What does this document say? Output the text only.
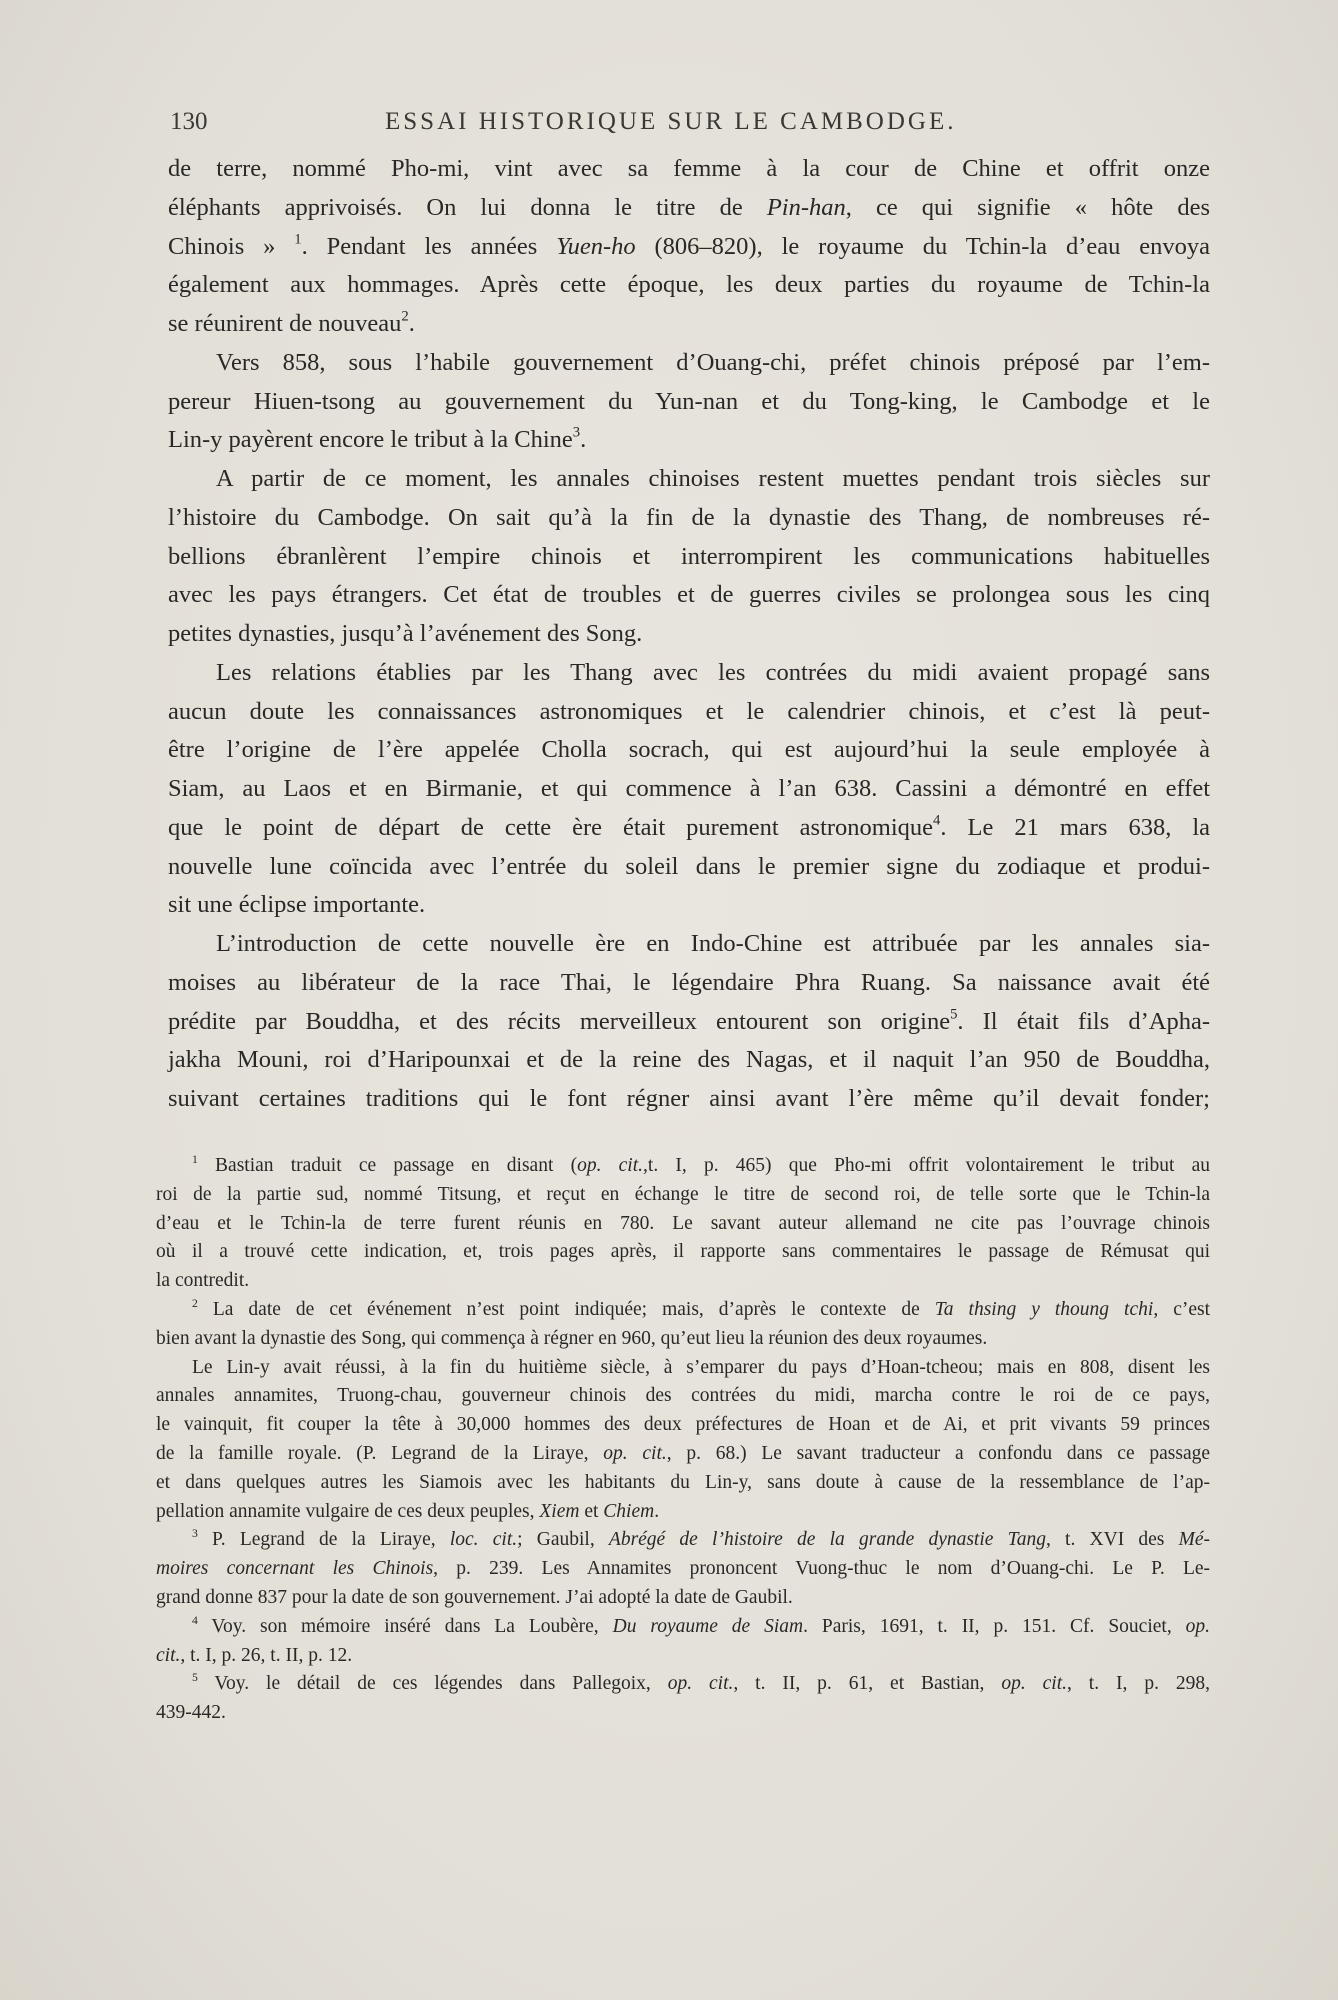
130	ESSAI HISTORIQUE SUR LE CAMBODGE.
de terre, nommé Pho-mi, vint avec sa femme à la cour de Chine et offrit onze
éléphants apprivoisés. On lui donna le titre de Pin-han, ce qui signifie « hôte des
Chinois » $^1$. Pendant les années Yuen-ho (806–820), le royaume du Tchin-la d’eau envoya
également aux hommages. Après cette époque, les deux parties du royaume de Tchin-la
se réunirent de nouveau$^2$.
Vers 858, sous l’habile gouvernement d’Ouang-chi, préfet chinois préposé par l’em-
pereur Hiuen-tsong au gouvernement du Yun-nan et du Tong-king, le Cambodge et le
Lin-y payèrent encore le tribut à la Chine$^3$.
A partir de ce moment, les annales chinoises restent muettes pendant trois siècles sur
l’histoire du Cambodge. On sait qu’à la fin de la dynastie des Thang, de nombreuses ré-
bellions ébranlèrent l’empire chinois et interrompirent les communications habituelles
avec les pays étrangers. Cet état de troubles et de guerres civiles se prolongea sous les cinq
petites dynasties, jusqu’à l’avénement des Song.
Les relations établies par les Thang avec les contrées du midi avaient propagé sans
aucun doute les connaissances astronomiques et le calendrier chinois, et c’est là peut-
être l’origine de l’ère appelée Cholla socrach, qui est aujourd’hui la seule employée à
Siam, au Laos et en Birmanie, et qui commence à l’an 638. Cassini a démontré en effet
que le point de départ de cette ère était purement astronomique$^4$. Le 21 mars 638, la
nouvelle lune coïncida avec l’entrée du soleil dans le premier signe du zodiaque et produi-
sit une éclipse importante.
L’introduction de cette nouvelle ère en Indo-Chine est attribuée par les annales sia-
moises au libérateur de la race Thai, le légendaire Phra Ruang. Sa naissance avait été
prédite par Bouddha, et des récits merveilleux entourent son origine$^5$. Il était fils d’Apha-
jakha Mouni, roi d’Haripounxai et de la reine des Nagas, et il naquit l’an 950 de Bouddha,
suivant certaines traditions qui le font régner ainsi avant l’ère même qu’il devait fonder;
$^1$ Bastian traduit ce passage en disant (op. cit.,t. I, p. 465) que Pho-mi offrit volontairement le tribut au
roi de la partie sud, nommé Titsung, et reçut en échange le titre de second roi, de telle sorte que le Tchin-la
d’eau et le Tchin-la de terre furent réunis en 780. Le savant auteur allemand ne cite pas l’ouvrage chinois
où il a trouvé cette indication, et, trois pages après, il rapporte sans commentaires le passage de Rémusat qui
la contredit.
$^2$ La date de cet événement n’est point indiquée; mais, d’après le contexte de Ta thsing y thoung tchi, c’est
bien avant la dynastie des Song, qui commença à régner en 960, qu’eut lieu la réunion des deux royaumes.
Le Lin-y avait réussi, à la fin du huitième siècle, à s’emparer du pays d’Hoan-tcheou; mais en 808, disent les
annales annamites, Truong-chau, gouverneur chinois des contrées du midi, marcha contre le roi de ce pays,
le vainquit, fit couper la tête à 30,000 hommes des deux préfectures de Hoan et de Ai, et prit vivants 59 princes
de la famille royale. (P. Legrand de la Liraye, op. cit., p. 68.) Le savant traducteur a confondu dans ce passage
et dans quelques autres les Siamois avec les habitants du Lin-y, sans doute à cause de la ressemblance de l’ap-
pellation annamite vulgaire de ces deux peuples, Xiem et Chiem.
$^3$ P. Legrand de la Liraye, loc. cit.; Gaubil, Abrégé de l’histoire de la grande dynastie Tang, t. XVI des Mé-
moires concernant les Chinois, p. 239. Les Annamites prononcent Vuong-thuc le nom d’Ouang-chi. Le P. Le-
grand donne 837 pour la date de son gouvernement. J’ai adopté la date de Gaubil.
$^4$ Voy. son mémoire inséré dans La Loubère, Du royaume de Siam. Paris, 1691, t. II, p. 151. Cf. Souciet, op.
cit., t. I, p. 26, t. II, p. 12.
$^5$ Voy. le détail de ces légendes dans Pallegoix, op. cit., t. II, p. 61, et Bastian, op. cit., t. I, p. 298,
439-442.
